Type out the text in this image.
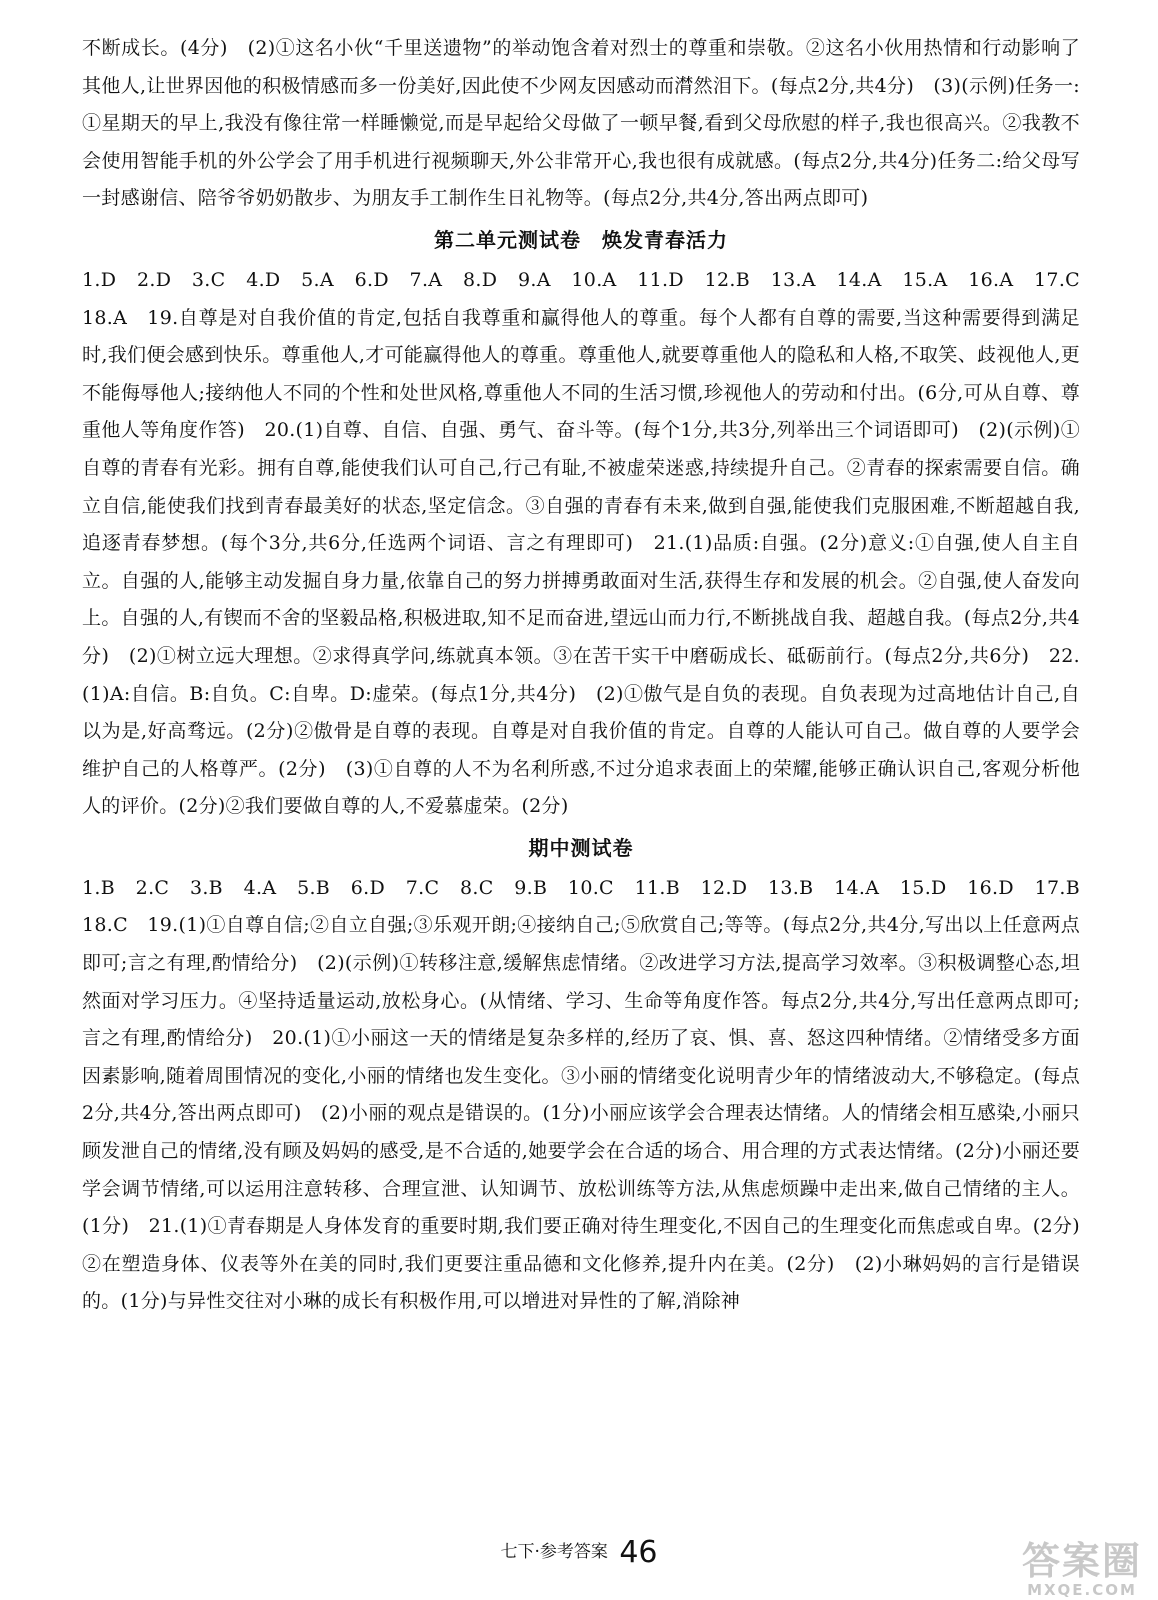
不断成长。(4分)　(2)①这名小伙“千里送遗物”的举动饱含着对烈士的尊重和崇敬。②这名小伙用热情和行动影响了其他人,让世界因他的积极情感而多一份美好,因此使不少网友因感动而潸然泪下。(每点2分,共4分)　(3)(示例)任务一:①星期天的早上,我没有像往常一样睡懒觉,而是早起给父母做了一顿早餐,看到父母欣慰的样子,我也很高兴。②我教不会使用智能手机的外公学会了用手机进行视频聊天,外公非常开心,我也很有成就感。(每点2分,共4分)任务二:给父母写一封感谢信、陪爷爷奶奶散步、为朋友手工制作生日礼物等。(每点2分,共4分,答出两点即可)

第二单元测试卷　焕发青春活力

1.D　2.D　3.C　4.D　5.A　6.D　7.A　8.D　9.A　10.A　11.D　12.B　13.A　14.A　15.A　16.A　17.C　18.A　19.自尊是对自我价值的肯定,包括自我尊重和赢得他人的尊重。每个人都有自尊的需要,当这种需要得到满足时,我们便会感到快乐。尊重他人,才可能赢得他人的尊重。尊重他人,就要尊重他人的隐私和人格,不取笑、歧视他人,更不能侮辱他人;接纳他人不同的个性和处世风格,尊重他人不同的生活习惯,珍视他人的劳动和付出。(6分,可从自尊、尊重他人等角度作答)　20.(1)自尊、自信、自强、勇气、奋斗等。(每个1分,共3分,列举出三个词语即可)　(2)(示例)①自尊的青春有光彩。拥有自尊,能使我们认可自己,行己有耻,不被虚荣迷惑,持续提升自己。②青春的探索需要自信。确立自信,能使我们找到青春最美好的状态,坚定信念。③自强的青春有未来,做到自强,能使我们克服困难,不断超越自我,追逐青春梦想。(每个3分,共6分,任选两个词语、言之有理即可)　21.(1)品质:自强。(2分)意义:①自强,使人自主自立。自强的人,能够主动发掘自身力量,依靠自己的努力拼搏勇敢面对生活,获得生存和发展的机会。②自强,使人奋发向上。自强的人,有锲而不舍的坚毅品格,积极进取,知不足而奋进,望远山而力行,不断挑战自我、超越自我。(每点2分,共4分)　(2)①树立远大理想。②求得真学问,练就真本领。③在苦干实干中磨砺成长、砥砺前行。(每点2分,共6分)　22.(1)A:自信。B:自负。C:自卑。D:虚荣。(每点1分,共4分)　(2)①傲气是自负的表现。自负表现为过高地估计自己,自以为是,好高骛远。(2分)②傲骨是自尊的表现。自尊是对自我价值的肯定。自尊的人能认可自己。做自尊的人要学会维护自己的人格尊严。(2分)　(3)①自尊的人不为名利所惑,不过分追求表面上的荣耀,能够正确认识自己,客观分析他人的评价。(2分)②我们要做自尊的人,不爱慕虚荣。(2分)

期中测试卷

1.B　2.C　3.B　4.A　5.B　6.D　7.C　8.C　9.B　10.C　11.B　12.D　13.B　14.A　15.D　16.D　17.B　18.C　19.(1)①自尊自信;②自立自强;③乐观开朗;④接纳自己;⑤欣赏自己;等等。(每点2分,共4分,写出以上任意两点即可;言之有理,酌情给分)　(2)(示例)①转移注意,缓解焦虑情绪。②改进学习方法,提高学习效率。③积极调整心态,坦然面对学习压力。④坚持适量运动,放松身心。(从情绪、学习、生命等角度作答。每点2分,共4分,写出任意两点即可;言之有理,酌情给分)　20.(1)①小丽这一天的情绪是复杂多样的,经历了哀、惧、喜、怒这四种情绪。②情绪受多方面因素影响,随着周围情况的变化,小丽的情绪也发生变化。③小丽的情绪变化说明青少年的情绪波动大,不够稳定。(每点2分,共4分,答出两点即可)　(2)小丽的观点是错误的。(1分)小丽应该学会合理表达情绪。人的情绪会相互感染,小丽只顾发泄自己的情绪,没有顾及妈妈的感受,是不合适的,她要学会在合适的场合、用合理的方式表达情绪。(2分)小丽还要学会调节情绪,可以运用注意转移、合理宣泄、认知调节、放松训练等方法,从焦虑烦躁中走出来,做自己情绪的主人。(1分)　21.(1)①青春期是人身体发育的重要时期,我们要正确对待生理变化,不因自己的生理变化而焦虑或自卑。(2分)②在塑造身体、仪表等外在美的同时,我们更要注重品德和文化修养,提升内在美。(2分)　(2)小琳妈妈的言行是错误的。(1分)与异性交往对小琳的成长有积极作用,可以增进对异性的了解,消除神

七下·参考答案 46	答案圈
MXQE.COM
